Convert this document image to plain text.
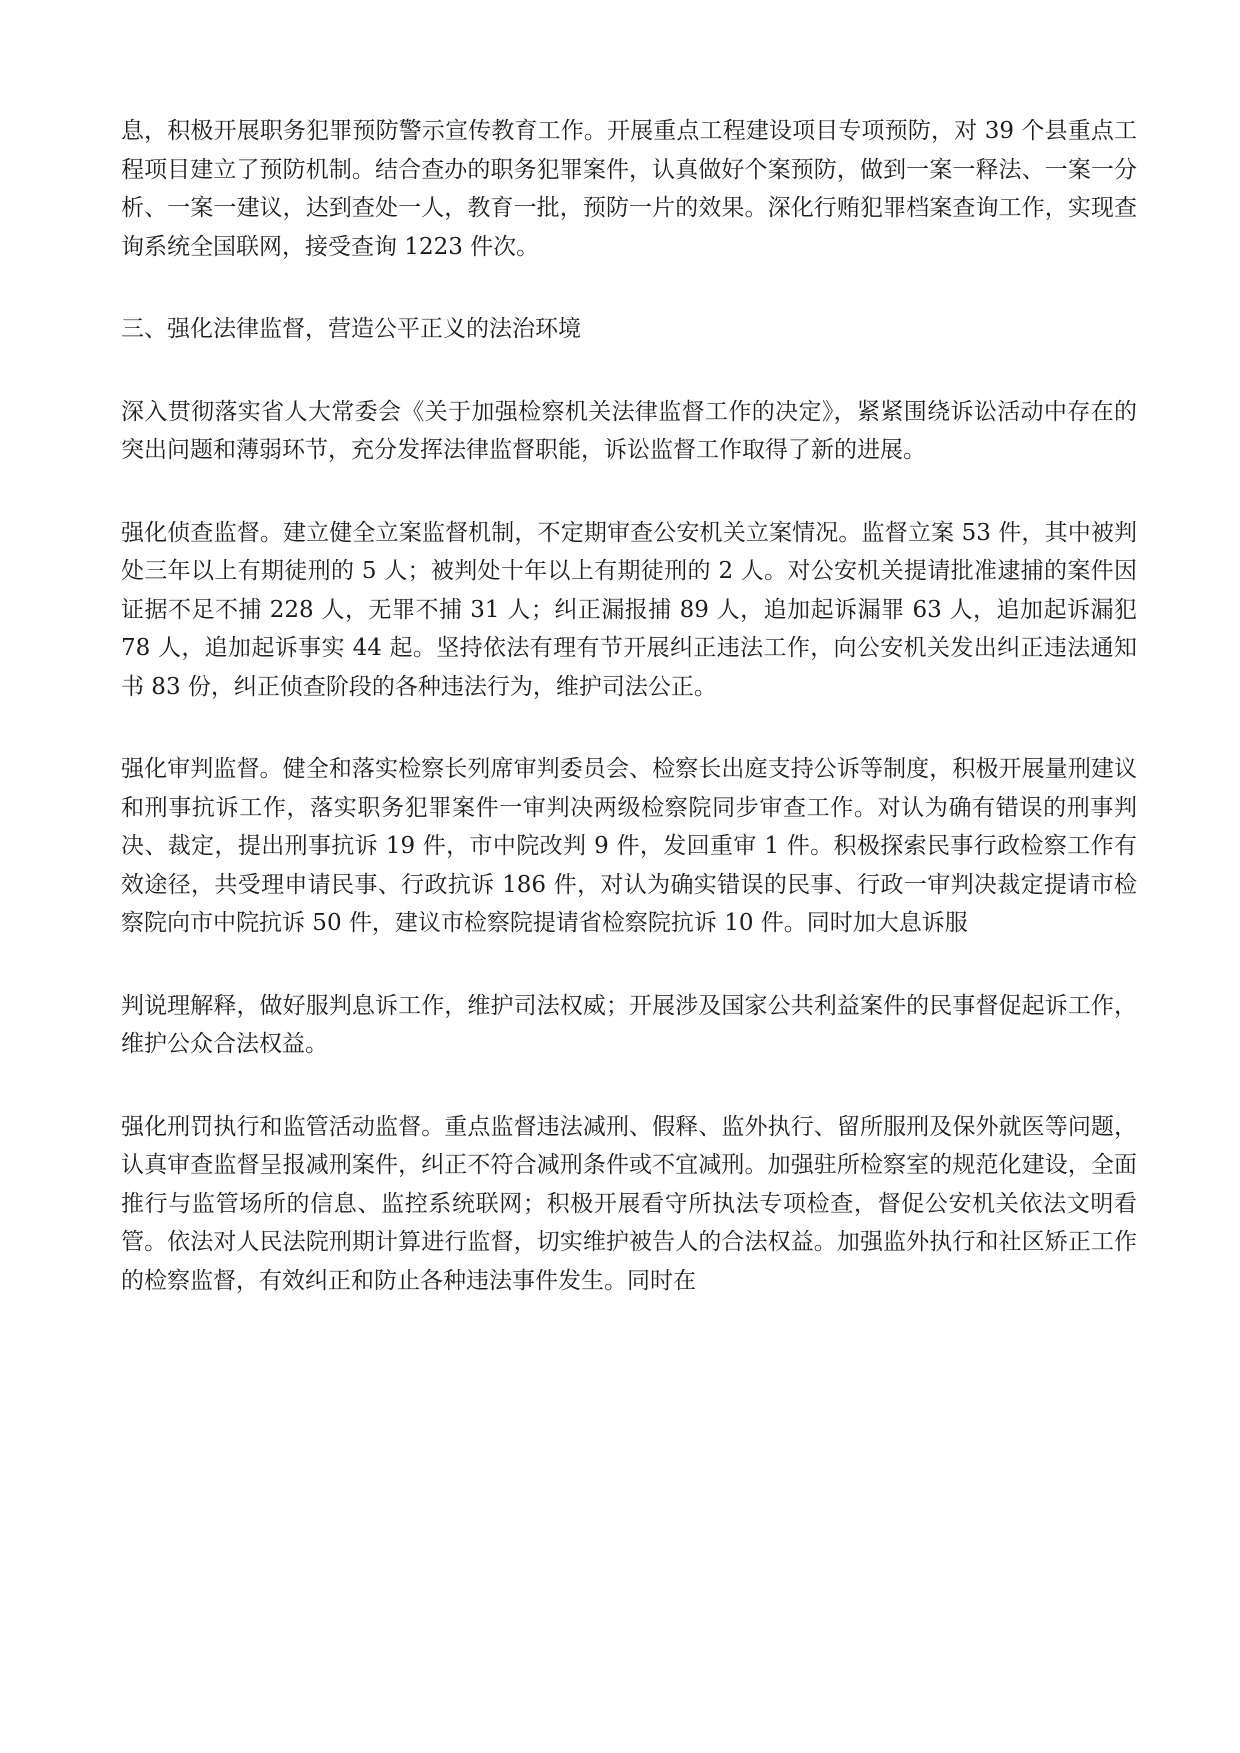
息，积极开展职务犯罪预防警示宣传教育工作。开展重点工程建设项目专项预防，对 39 个县重点工程项目建立了预防机制。结合查办的职务犯罪案件，认真做好个案预防，做到一案一释法、一案一分析、一案一建议，达到查处一人，教育一批，预防一片的效果。深化行贿犯罪档案查询工作，实现查询系统全国联网，接受查询 1223 件次。

三、强化法律监督，营造公平正义的法治环境

深入贯彻落实省人大常委会《关于加强检察机关法律监督工作的决定》，紧紧围绕诉讼活动中存在的突出问题和薄弱环节，充分发挥法律监督职能，诉讼监督工作取得了新的进展。

强化侦查监督。建立健全立案监督机制，不定期审查公安机关立案情况。监督立案 53 件，其中被判处三年以上有期徒刑的 5 人；被判处十年以上有期徒刑的 2 人。对公安机关提请批准逮捕的案件因证据不足不捕 228 人，无罪不捕 31 人；纠正漏报捕 89 人，追加起诉漏罪 63 人，追加起诉漏犯 78 人，追加起诉事实 44 起。坚持依法有理有节开展纠正违法工作，向公安机关发出纠正违法通知书 83 份，纠正侦查阶段的各种违法行为，维护司法公正。

强化审判监督。健全和落实检察长列席审判委员会、检察长出庭支持公诉等制度，积极开展量刑建议和刑事抗诉工作，落实职务犯罪案件一审判决两级检察院同步审查工作。对认为确有错误的刑事判决、裁定，提出刑事抗诉 19 件，市中院改判 9 件，发回重审 1 件。积极探索民事行政检察工作有效途径，共受理申请民事、行政抗诉 186 件，对认为确实错误的民事、行政一审判决裁定提请市检察院向市中院抗诉 50 件，建议市检察院提请省检察院抗诉 10 件。同时加大息诉服

判说理解释，做好服判息诉工作，维护司法权威；开展涉及国家公共利益案件的民事督促起诉工作，维护公众合法权益。

强化刑罚执行和监管活动监督。重点监督违法减刑、假释、监外执行、留所服刑及保外就医等问题，认真审查监督呈报减刑案件，纠正不符合减刑条件或不宜减刑。加强驻所检察室的规范化建设，全面推行与监管场所的信息、监控系统联网；积极开展看守所执法专项检查，督促公安机关依法文明看管。依法对人民法院刑期计算进行监督，切实维护被告人的合法权益。加强监外执行和社区矫正工作的检察监督，有效纠正和防止各种违法事件发生。同时在
